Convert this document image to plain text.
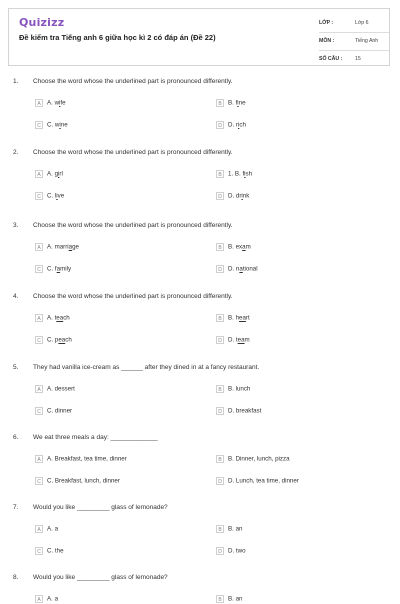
Quizizz
Đề kiểm tra Tiếng anh 6 giữa học kì 2 có đáp án (Đề 22)
LỚP :	Lớp 6
MÔN :	Tiếng Anh
SỐ CÂU : 15
1. Choose the word whose the underlined part is pronounced differently.
A A. wife	B B. fine
C C. wine	D D. rich
2. Choose the word whose the underlined part is pronounced differently.
A A. girl	B 1. B. fish
C C. live	D D. drink
3. Choose the word whose the underlined part is pronounced differently.
A A. marriage	B B. exam
C C. family	D D. national
4. Choose the word whose the underlined part is pronounced differently.
A A. teach	B B. heart
C C. peach	D D. team
5. They had vanilla ice-cream as ______ after they dined in at a fancy restaurant.
A A. dessert	B B. lunch
C C. dinner	D D. breakfast
6. We eat three meals a day: _____________
A A. Breakfast, tea time, dinner	B B. Dinner, lunch, pizza
C C. Breakfast, lunch, dinner	D D. Lunch, tea time, dinner
7. Would you like _________ glass of lemonade?
A A. a	B B. an
C C. the	D D. two
8. Would you like _________ glass of lemonade?
A A. a	B B. an
